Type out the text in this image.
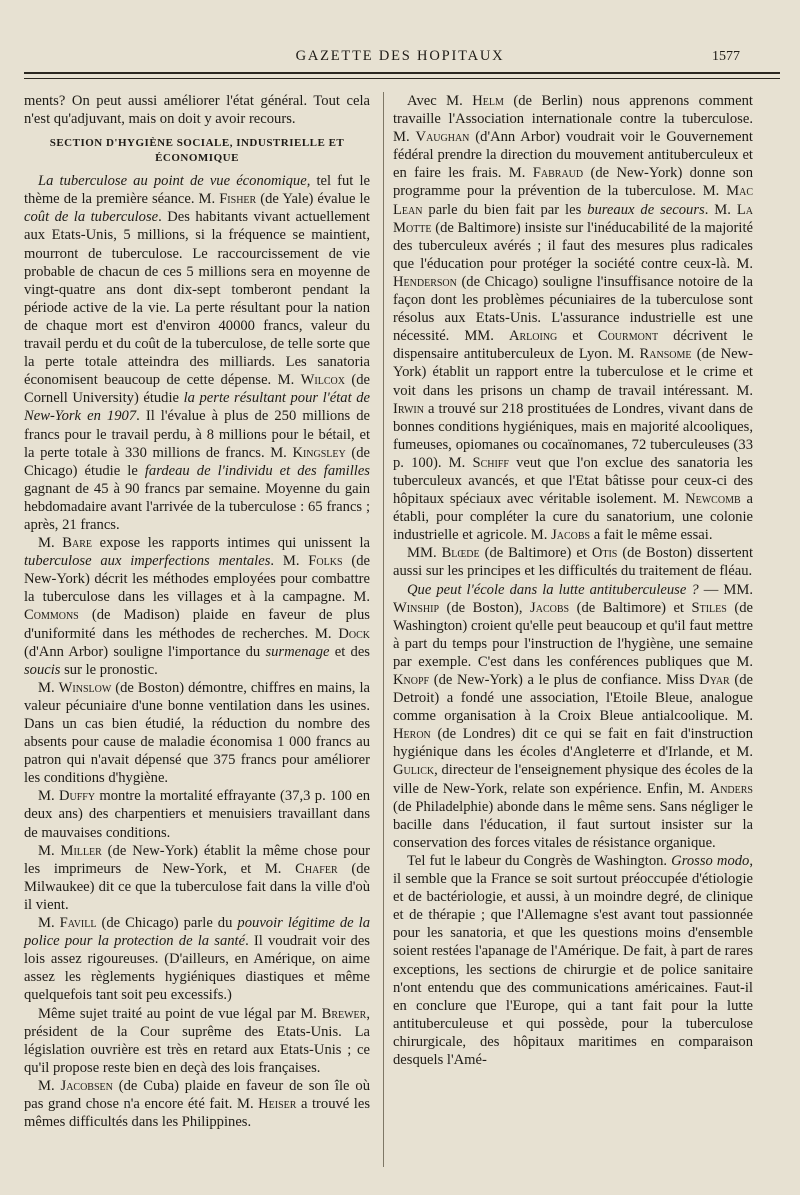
GAZETTE DES HOPITAUX	1577

ments? On peut aussi améliorer l'état général. Tout cela n'est qu'adjuvant, mais on doit y avoir recours.

SECTION D'HYGIÈNE SOCIALE, INDUSTRIELLE ET ÉCONOMIQUE

La tuberculose au point de vue économique, tel fut le thème de la première séance. M. Fisher (de Yale) évalue le coût de la tuberculose. Des habitants vivant actuellement aux Etats-Unis, 5 millions, si la fréquence se maintient, mourront de tuberculose. Le raccourcissement de vie probable de chacun de ces 5 millions sera en moyenne de vingt-quatre ans dont dix-sept tomberont pendant la période active de la vie. La perte résultant pour la nation de chaque mort est d'environ 40000 francs, valeur du travail perdu et du coût de la tuberculose, de telle sorte que la perte totale atteindra des milliards. Les sanatoria économisent beaucoup de cette dépense. M. Wilcox (de Cornell University) étudie la perte résultant pour l'état de New-York en 1907. Il l'évalue à plus de 250 millions de francs pour le travail perdu, à 8 millions pour le bétail, et la perte totale à 330 millions de francs. M. Kingsley (de Chicago) étudie le fardeau de l'individu et des familles gagnant de 45 à 90 francs par semaine. Moyenne du gain hebdomadaire avant l'arrivée de la tuberculose : 65 francs ; après, 21 francs.

M. Bare expose les rapports intimes qui unissent la tuberculose aux imperfections mentales. M. Folks (de New-York) décrit les méthodes employées pour combattre la tuberculose dans les villages et à la campagne. M. Commons (de Madison) plaide en faveur de plus d'uniformité dans les méthodes de recherches. M. Dock (d'Ann Arbor) souligne l'importance du surmenage et des soucis sur le pronostic.

M. Winslow (de Boston) démontre, chiffres en mains, la valeur pécuniaire d'une bonne ventilation dans les usines. Dans un cas bien étudié, la réduction du nombre des absents pour cause de maladie économisa 1 000 francs au patron qui n'avait dépensé que 375 francs pour améliorer les conditions d'hygiène.

M. Duffy montre la mortalité effrayante (37,3 p. 100 en deux ans) des charpentiers et menuisiers travaillant dans de mauvaises conditions.

M. Miller (de New-York) établit la même chose pour les imprimeurs de New-York, et M. Chafer (de Milwaukee) dit ce que la tuberculose fait dans la ville d'où il vient.

M. Favill (de Chicago) parle du pouvoir légitime de la police pour la protection de la santé. Il voudrait voir des lois assez rigoureuses. (D'ailleurs, en Amérique, on aime assez les règlements hygiéniques diastiques et même quelquefois tant soit peu excessifs.)

Même sujet traité au point de vue légal par M. Brewer, président de la Cour suprême des Etats-Unis. La législation ouvrière est très en retard aux Etats-Unis ; ce qu'il propose reste bien en deçà des lois françaises.

M. Jacobsen (de Cuba) plaide en faveur de son île où pas grand chose n'a encore été fait. M. Heiser a trouvé les mêmes difficultés dans les Philippines.

Avec M. Helm (de Berlin) nous apprenons comment travaille l'Association internationale contre la tuberculose. M. Vaughan (d'Ann Arbor) voudrait voir le Gouvernement fédéral prendre la direction du mouvement antituberculeux et en faire les frais. M. Fabraud (de New-York) donne son programme pour la prévention de la tuberculose. M. Mac Lean parle du bien fait par les bureaux de secours. M. La Motte (de Baltimore) insiste sur l'inéducabilité de la majorité des tuberculeux avérés ; il faut des mesures plus radicales que l'éducation pour protéger la société contre ceux-là. M. Henderson (de Chicago) souligne l'insuffisance notoire de la façon dont les problèmes pécuniaires de la tuberculose sont résolus aux Etats-Unis. L'assurance industrielle est une nécessité. MM. Arloing et Courmont décrivent le dispensaire antituberculeux de Lyon. M. Ransome (de New-York) établit un rapport entre la tuberculose et le crime et voit dans les prisons un champ de travail intéressant. M. Irwin a trouvé sur 218 prostituées de Londres, vivant dans de bonnes conditions hygiéniques, mais en majorité alcooliques, fumeuses, opiomanes ou cocaïnomanes, 72 tuberculeuses (33 p. 100). M. Schiff veut que l'on exclue des sanatoria les tuberculeux avancés, et que l'Etat bâtisse pour ceux-ci des hôpitaux spéciaux avec véritable isolement. M. Newcomb a établi, pour compléter la cure du sanatorium, une colonie industrielle et agricole. M. Jacobs a fait le même essai.

MM. Blœde (de Baltimore) et Otis (de Boston) dissertent aussi sur les principes et les difficultés du traitement de fléau.

Que peut l'école dans la lutte antituberculeuse ? — MM. Winship (de Boston), Jacobs (de Baltimore) et Stiles (de Washington) croient qu'elle peut beaucoup et qu'il faut mettre à part du temps pour l'instruction de l'hygiène, une semaine par exemple. C'est dans les conférences publiques que M. Knopf (de New-York) a le plus de confiance. Miss Dyar (de Detroit) a fondé une association, l'Etoile Bleue, analogue comme organisation à la Croix Bleue antialcoolique. M. Heron (de Londres) dit ce qui se fait en fait d'instruction hygiénique dans les écoles d'Angleterre et d'Irlande, et M. Gulick, directeur de l'enseignement physique des écoles de la ville de New-York, relate son expérience. Enfin, M. Anders (de Philadelphie) abonde dans le même sens. Sans négliger le bacille dans l'éducation, il faut surtout insister sur la conservation des forces vitales de résistance organique.

Tel fut le labeur du Congrès de Washington. Grosso modo, il semble que la France se soit surtout préoccupée d'étiologie et de bactériologie, et aussi, à un moindre degré, de clinique et de thérapie ; que l'Allemagne s'est avant tout passionnée pour les sanatoria, et que les questions moins d'ensemble soient restées l'apanage de l'Amérique. De fait, à part de rares exceptions, les sections de chirurgie et de police sanitaire n'ont entendu que des communications américaines. Faut-il en conclure que l'Europe, qui a tant fait pour la lutte antituberculeuse et qui possède, pour la tuberculose chirurgicale, des hôpitaux maritimes en comparaison desquels l'Amé-
